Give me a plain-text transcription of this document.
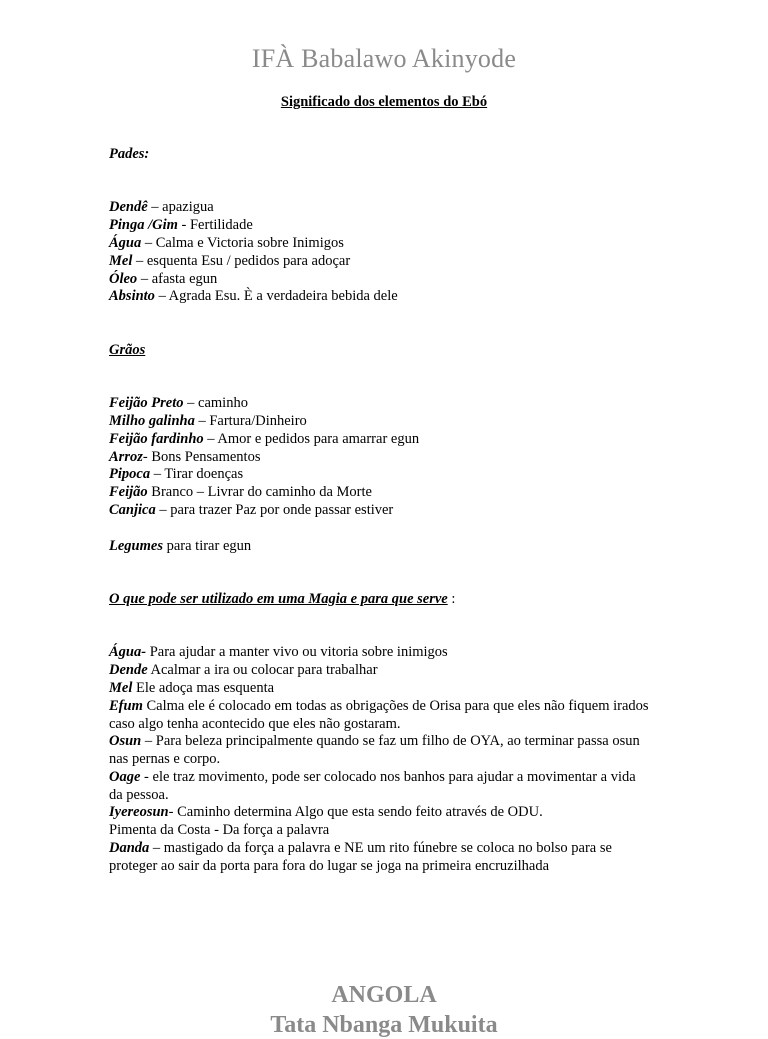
IFÀ Babalawo Akinyode
Significado dos elementos do Ebó
Pades:
Dendê – apazigua
Pinga /Gim - Fertilidade
Água – Calma e Victoria sobre Inimigos
Mel – esquenta Esu / pedidos para adoçar
Óleo – afasta egun
Absinto – Agrada Esu. È a verdadeira bebida dele
Grãos
Feijão Preto – caminho
Milho galinha – Fartura/Dinheiro
Feijão fardinho – Amor e pedidos para amarrar egun
Arroz- Bons Pensamentos
Pipoca – Tirar doenças
Feijão Branco – Livrar do caminho da Morte
Canjica – para trazer Paz por onde passar estiver
Legumes para tirar egun
O que pode ser utilizado em uma Magia e para que serve :
Água- Para ajudar a manter vivo ou vitoria sobre inimigos
Dende Acalmar a ira ou colocar para trabalhar
Mel Ele adoça mas esquenta
Efum Calma ele é colocado em todas as obrigações de Orisa para que eles não fiquem irados caso algo tenha acontecido que eles não gostaram.
Osun – Para beleza principalmente quando se faz um filho de OYA, ao terminar passa osun nas pernas e corpo.
Oage - ele traz movimento, pode ser colocado nos banhos para ajudar a movimentar a vida da pessoa.
Iyereosun- Caminho determina Algo que esta sendo feito através de ODU.
Pimenta da Costa - Da força a palavra
Danda – mastigado da força a palavra e NE um rito fúnebre se coloca no bolso para se proteger ao sair da porta para fora do lugar se joga na primeira encruzilhada
ANGOLA
Tata Nbanga Mukuita
